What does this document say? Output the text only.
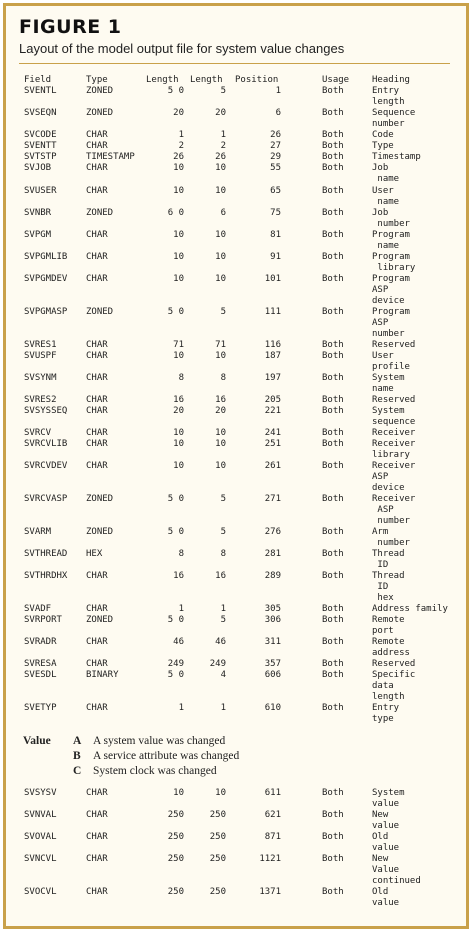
FIGURE 1
Layout of the model output file for system value changes
Field	Type	Length	Length	Position	Usage	Heading
SVENTL	ZONED	5 0	5	1	Both	Entry
length
SVSEQN	ZONED	20	20	6	Both	Sequence
number
SVCODE	CHAR	1	1	26	Both	Code
SVENTT	CHAR	2	2	27	Both	Type
SVTSTP	TIMESTAMP	26	26	29	Both	Timestamp
SVJOB	CHAR	10	10	55	Both	Job
name
SVUSER	CHAR	10	10	65	Both	User
name
SVNBR	ZONED	6 0	6	75	Both	Job
number
SVPGM	CHAR	10	10	81	Both	Program
name
SVPGMLIB CHAR	10	10	91	Both	Program
library
SVPGMDEV CHAR	10	10	101	Both	Program
ASP
device
SVPGMASP ZONED	5 0	5	111	Both	Program
ASP
number
SVRES1	CHAR	71	71	116	Both	Reserved
SVUSPF	CHAR	10	10	187	Both	User
profile
SVSYNM	CHAR	8	8	197	Both	System
name
SVRES2	CHAR	16	16	205	Both	Reserved
SVSYSSEQ CHAR	20	20	221	Both	System
sequence
SVRCV	CHAR	10	10	241	Both	Receiver
SVRCVLIB CHAR	10	10	251	Both	Receiver
library
SVRCVDEV CHAR	10	10	261	Both	Receiver
ASP
device
SVRCVASP ZONED	5 0	5	271	Both	Receiver
ASP
number
SVARM	ZONED	5 0	5	276	Both	Arm
number
SVTHREAD HEX	8	8	281	Both	Thread
ID
SVTHRDHX CHAR	16	16	289	Both	Thread
ID
hex
SVADF	CHAR	1	1	305	Both	Address family
SVRPORT	ZONED	5 0	5	306	Both	Remote
port
SVRADR	CHAR	46	46	311	Both	Remote
address
SVRESA	CHAR	249	249	357	Both	Reserved
SVESDL	BINARY	5 0	4	606	Both	Specific
data
length
SVETYP	CHAR	1	1	610	Both	Entry
type
SVSYSV	CHAR	10	10	611	Both	System
value
SVNVAL	CHAR	250	250	621	Both	New
value
SVOVAL	CHAR	250	250	871	Both	Old
value
SVNCVL	CHAR	250	250	1121	Both	New
Value
continued
SVOCVL	CHAR	250	250	1371	Both	Old
value
Value A A system value was changed
B A service attribute was changed
C System clock was changed
